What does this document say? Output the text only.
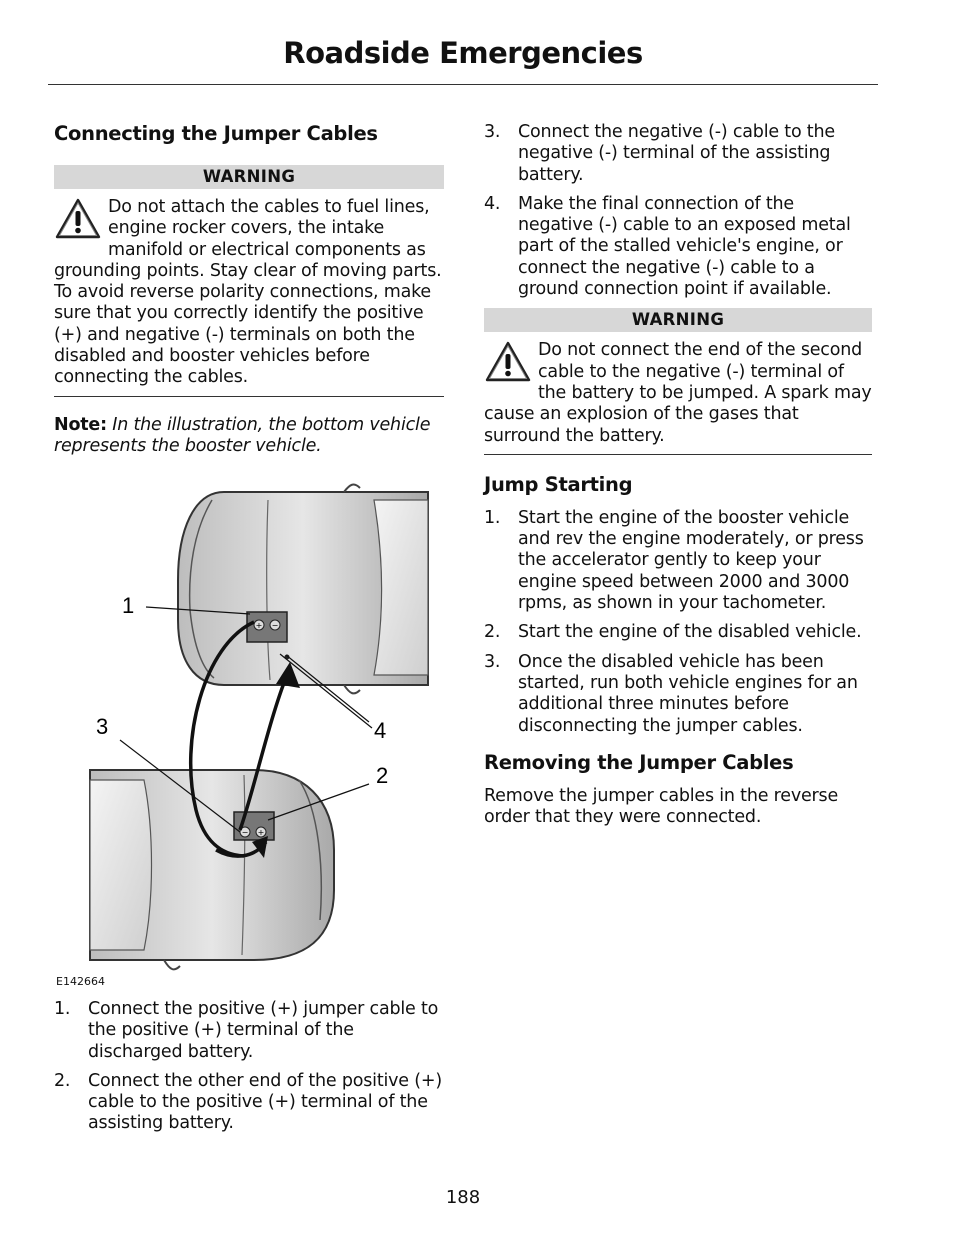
Roadside Emergencies
Connecting the Jumper Cables
WARNING
Do not attach the cables to fuel lines, engine rocker covers, the intake manifold or electrical components as grounding points. Stay clear of moving parts. To avoid reverse polarity connections, make sure that you correctly identify the positive (+) and negative (-) terminals on both the disabled and booster vehicles before connecting the cables.

Note: In the illustration, the bottom vehicle represents the booster vehicle.

+ −
− +
1
2
3	4
E142664
1. Connect the positive (+) jumper cable to the positive (+) terminal of the discharged battery.
2. Connect the other end of the positive (+) cable to the positive (+) terminal of the assisting battery.
3. Connect the negative (-) cable to the negative (-) terminal of the assisting battery.
4. Make the final connection of the negative (-) cable to an exposed metal part of the stalled vehicle's engine, or connect the negative (-) cable to a ground connection point if available.
WARNING
Do not connect the end of the second cable to the negative (-) terminal of the battery to be jumped. A spark may cause an explosion of the gases that surround the battery.
Jump Starting
1. Start the engine of the booster vehicle and rev the engine moderately, or press the accelerator gently to keep your engine speed between 2000 and 3000 rpms, as shown in your tachometer.
2. Start the engine of the disabled vehicle.
3. Once the disabled vehicle has been started, run both vehicle engines for an additional three minutes before disconnecting the jumper cables.
Removing the Jumper Cables

Remove the jumper cables in the reverse order that they were connected.

188
